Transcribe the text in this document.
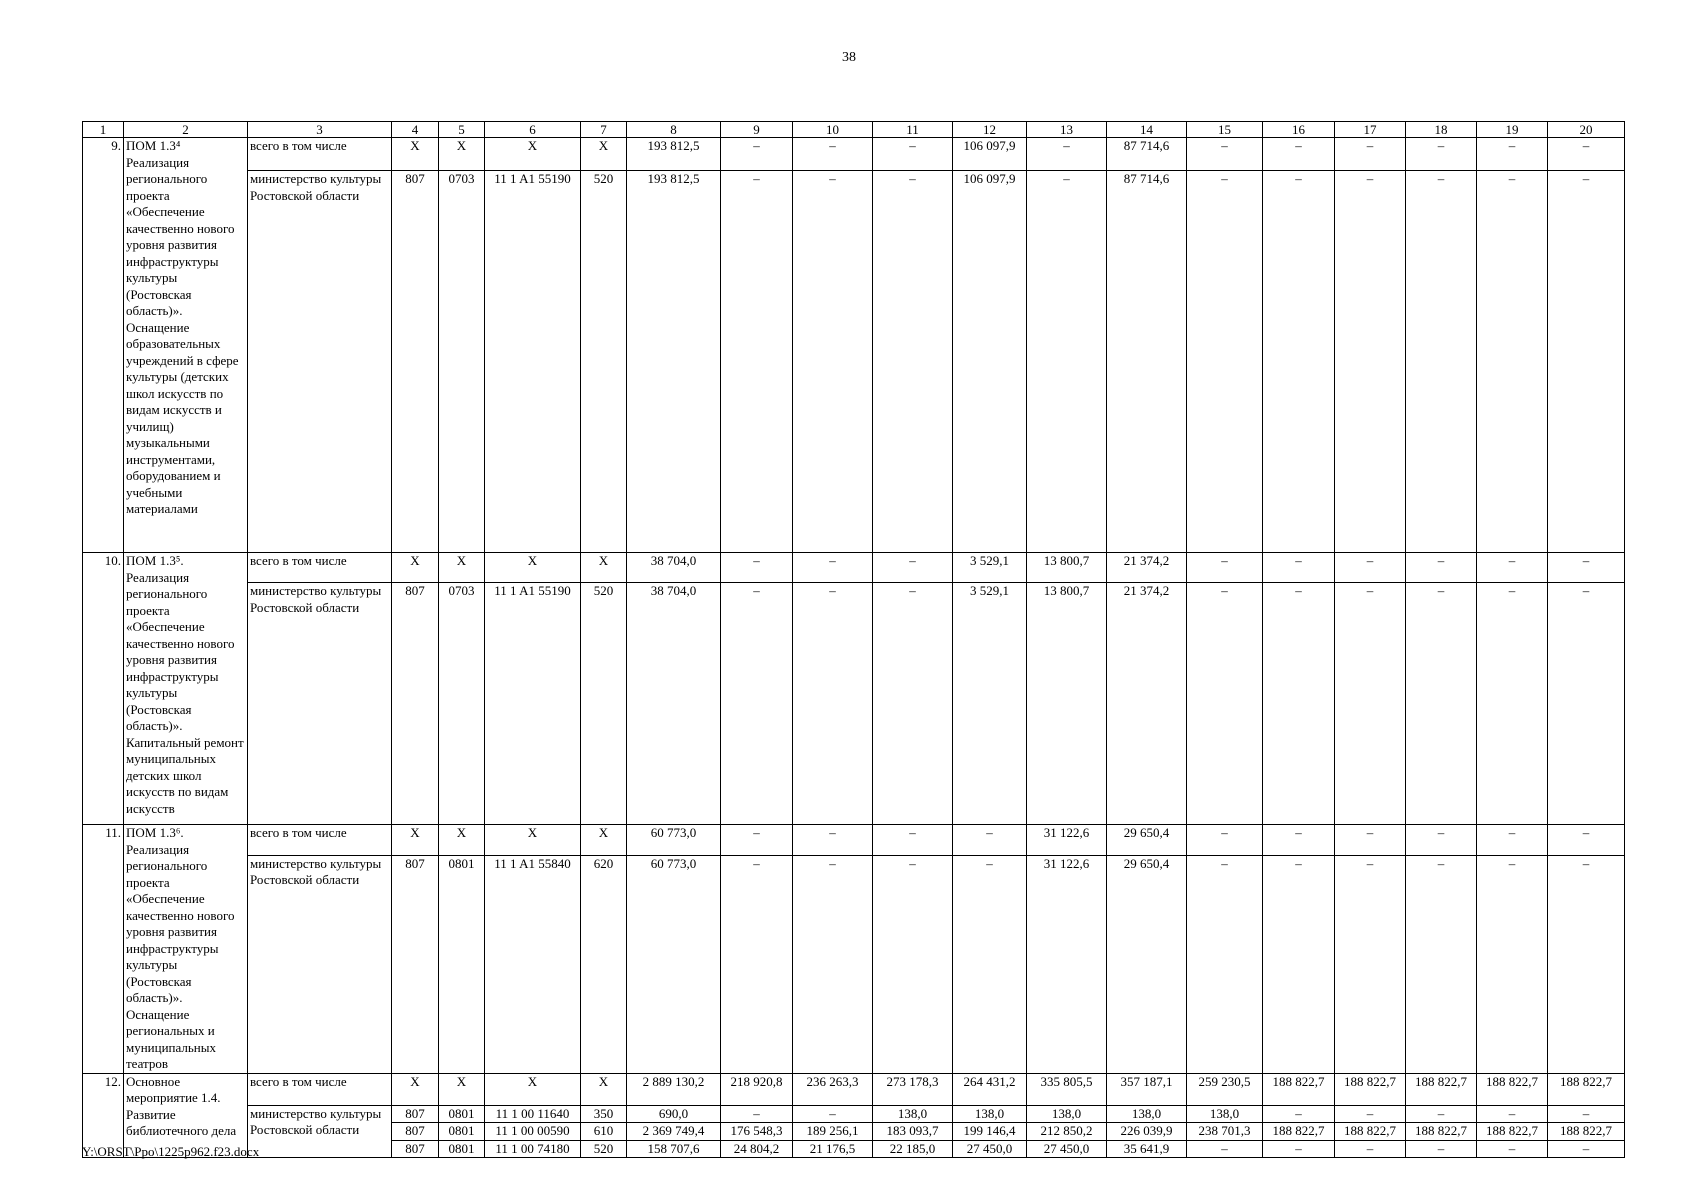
38
1	2	3	4	5	6	7	8	9	10	11	12	13	14	15	16	17	18	19	20
9.	ПОМ 1.3⁴ Реализация регионального проекта «Обеспечение качественно нового уровня развития инфраструктуры культуры (Ростовская область)». Оснащение образовательных учреждений в сфере культуры (детских школ искусств по видам искусств и училищ) музыкальными инструментами, оборудованием и учебными материалами	всего в том числе	X	X	X	X	193 812,5	–	–	–	106 097,9	–	87 714,6	–	–	–	–	–	–
		министерство культуры Ростовской области	807	0703	11 1 A1 55190	520	193 812,5	–	–	–	106 097,9	–	87 714,6	–	–	–	–	–	–
10.	ПОМ 1.3⁵. Реализация регионального проекта «Обеспечение качественно нового уровня развития инфраструктуры культуры (Ростовская область)». Капитальный ремонт муниципальных детских школ искусств по видам искусств	всего в том числе	X	X	X	X	38 704,0	–	–	–	3 529,1	13 800,7	21 374,2	–	–	–	–	–	–
		министерство культуры Ростовской области	807	0703	11 1 A1 55190	520	38 704,0	–	–	–	3 529,1	13 800,7	21 374,2	–	–	–	–	–	–
11.	ПОМ 1.3⁶. Реализация регионального проекта «Обеспечение качественно нового уровня развития инфраструктуры культуры (Ростовская область)». Оснащение региональных и муниципальных театров	всего в том числе	X	X	X	X	60 773,0	–	–	–	–	31 122,6	29 650,4	–	–	–	–	–	–
		министерство культуры Ростовской области	807	0801	11 1 A1 55840	620	60 773,0	–	–	–	–	31 122,6	29 650,4	–	–	–	–	–	–
12.	Основное мероприятие 1.4. Развитие библиотечного дела	всего в том числе	X	X	X	X	2 889 130,2	218 920,8	236 263,3	273 178,3	264 431,2	335 805,5	357 187,1	259 230,5	188 822,7	188 822,7	188 822,7	188 822,7	188 822,7
		министерство культуры Ростовской области	807	0801	11 1 00 11640	350	690,0	–	–	138,0	138,0	138,0	138,0	138,0	–	–	–	–	–
			807	0801	11 1 00 00590	610	2 369 749,4	176 548,3	189 256,1	183 093,7	199 146,4	212 850,2	226 039,9	238 701,3	188 822,7	188 822,7	188 822,7	188 822,7	188 822,7
			807	0801	11 1 00 74180	520	158 707,6	24 804,2	21 176,5	22 185,0	27 450,0	27 450,0	35 641,9	–	–	–	–	–	–
Y:\ORST\Ppo\1225p962.f23.docx
